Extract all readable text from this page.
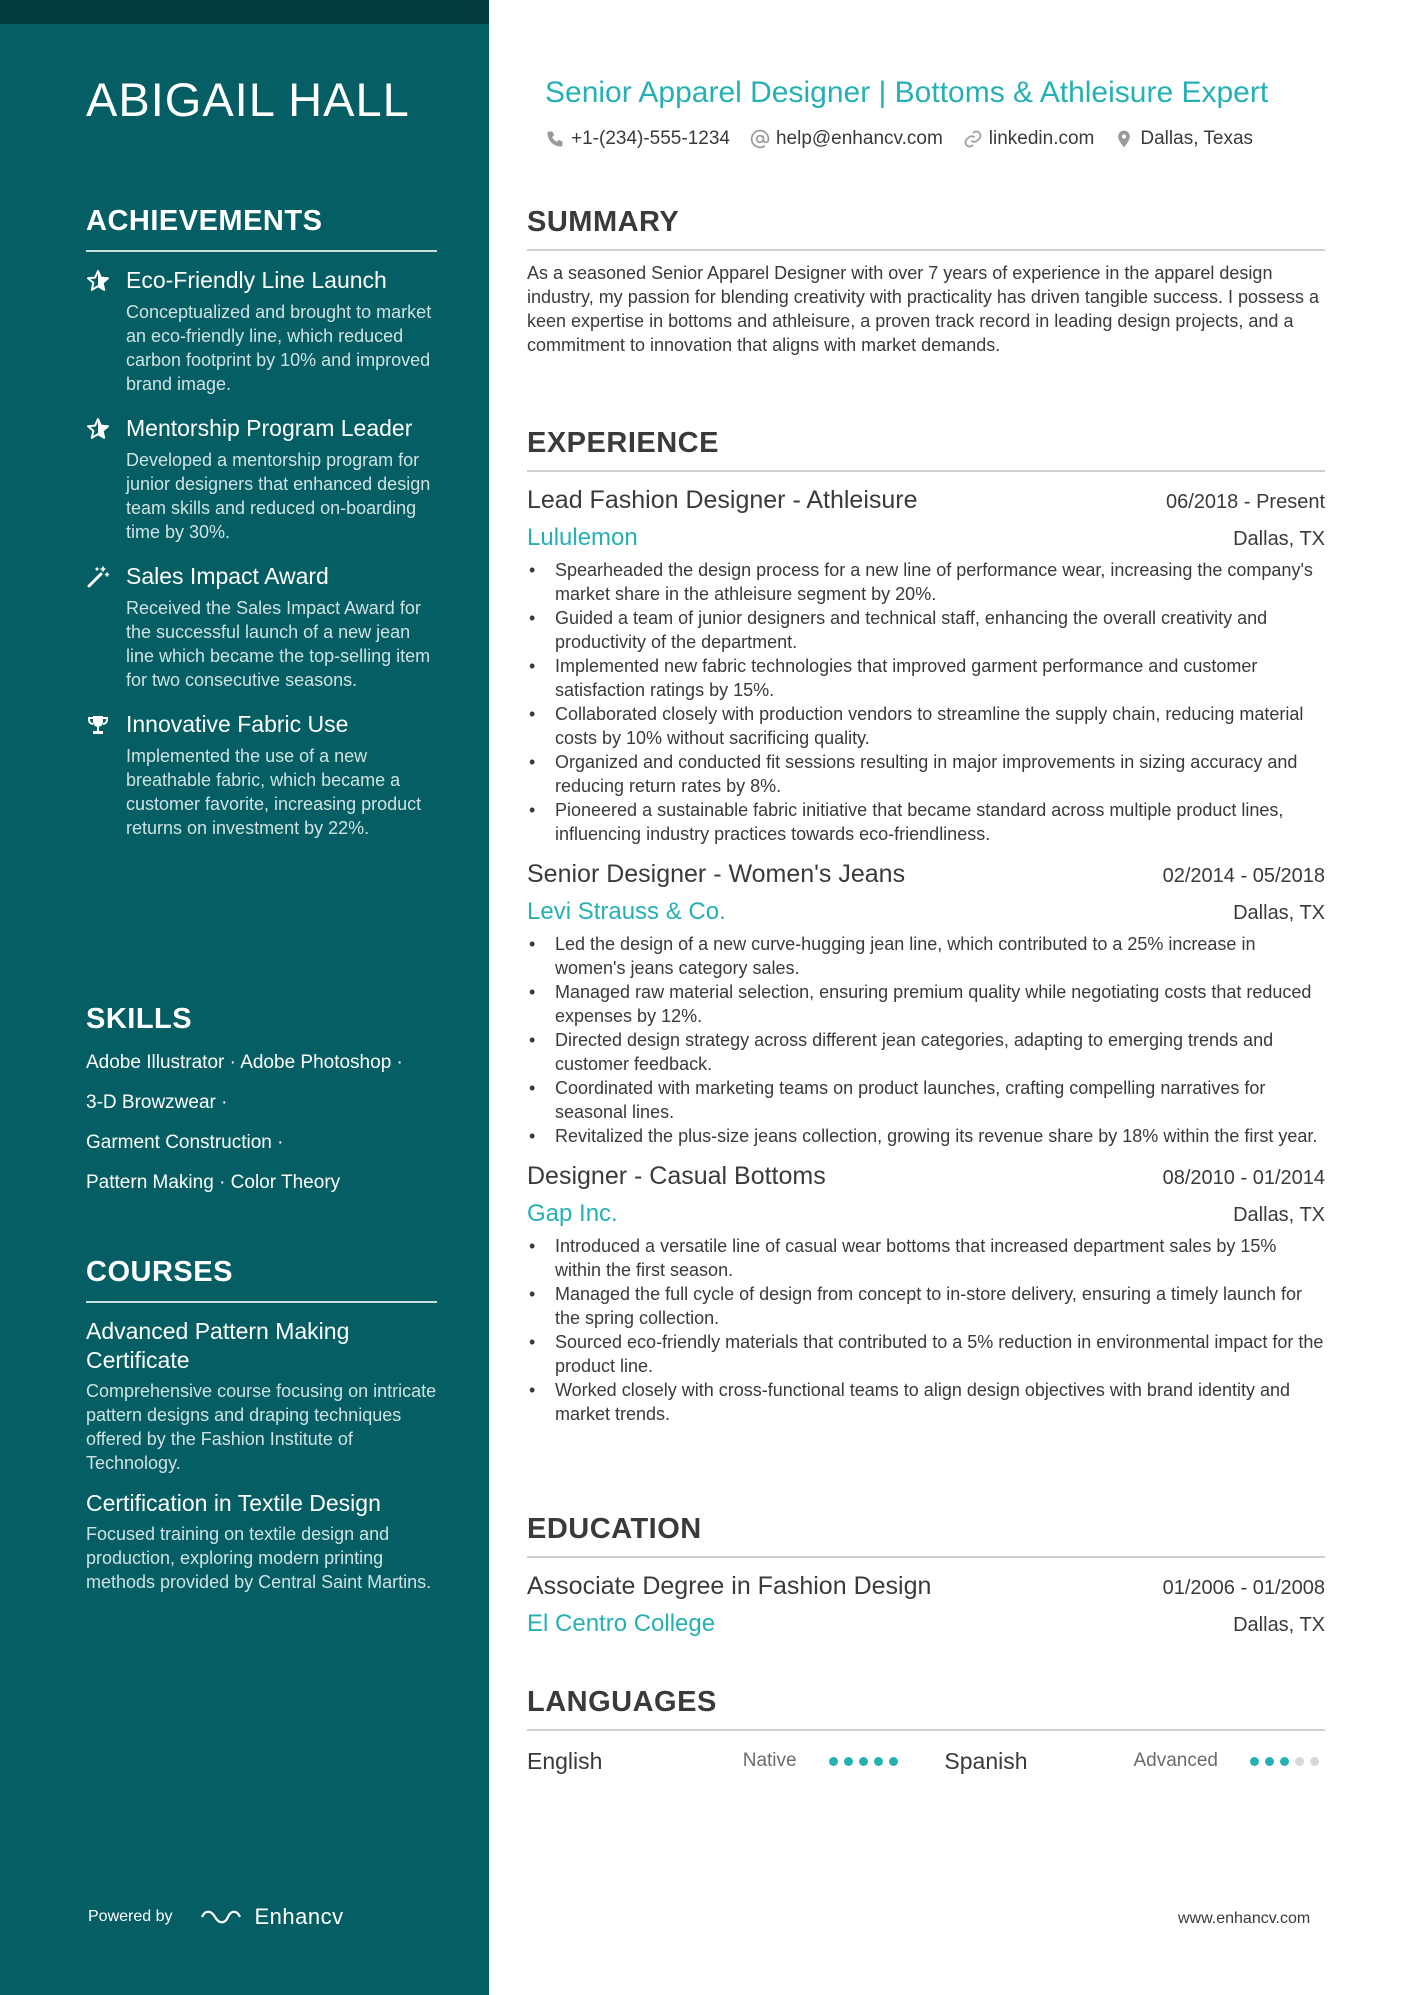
ABIGAIL HALL
ACHIEVEMENTS
Eco-Friendly Line Launch
Conceptualized and brought to market an eco-friendly line, which reduced carbon footprint by 10% and improved brand image.
Mentorship Program Leader
Developed a mentorship program for junior designers that enhanced design team skills and reduced on-boarding time by 30%.
Sales Impact Award
Received the Sales Impact Award for the successful launch of a new jean line which became the top-selling item for two consecutive seasons.
Innovative Fabric Use
Implemented the use of a new breathable fabric, which became a customer favorite, increasing product returns on investment by 22%.
SKILLS
Adobe Illustrator · Adobe Photoshop ·
3-D Browzwear ·
Garment Construction ·
Pattern Making · Color Theory
COURSES
Advanced Pattern Making Certificate
Comprehensive course focusing on intricate pattern designs and draping techniques offered by the Fashion Institute of Technology.
Certification in Textile Design
Focused training on textile design and production, exploring modern printing methods provided by Central Saint Martins.
Powered by	Enhancv
Senior Apparel Designer | Bottoms & Athleisure Expert
+1-(234)-555-1234 help@enhancv.com linkedin.com Dallas, Texas
SUMMARY

As a seasoned Senior Apparel Designer with over 7 years of experience in the apparel design industry, my passion for blending creativity with practicality has driven tangible success. I possess a keen expertise in bottoms and athleisure, a proven track record in leading design projects, and a commitment to innovation that aligns with market demands.

EXPERIENCE
Lead Fashion Designer - Athleisure	06/2018 - Present
Lululemon	Dallas, TX
• Spearheaded the design process for a new line of performance wear, increasing the company's market share in the athleisure segment by 20%.
• Guided a team of junior designers and technical staff, enhancing the overall creativity and productivity of the department.
• Implemented new fabric technologies that improved garment performance and customer satisfaction ratings by 15%.
• Collaborated closely with production vendors to streamline the supply chain, reducing material costs by 10% without sacrificing quality.
• Organized and conducted fit sessions resulting in major improvements in sizing accuracy and reducing return rates by 8%.
• Pioneered a sustainable fabric initiative that became standard across multiple product lines, influencing industry practices towards eco-friendliness.
Senior Designer - Women's Jeans	02/2014 - 05/2018
Levi Strauss & Co.	Dallas, TX
• Led the design of a new curve-hugging jean line, which contributed to a 25% increase in women's jeans category sales.
• Managed raw material selection, ensuring premium quality while negotiating costs that reduced expenses by 12%.
• Directed design strategy across different jean categories, adapting to emerging trends and customer feedback.
• Coordinated with marketing teams on product launches, crafting compelling narratives for seasonal lines.
• Revitalized the plus-size jeans collection, growing its revenue share by 18% within the first year.
Designer - Casual Bottoms	08/2010 - 01/2014
Gap Inc.	Dallas, TX
• Introduced a versatile line of casual wear bottoms that increased department sales by 15% within the first season.
• Managed the full cycle of design from concept to in-store delivery, ensuring a timely launch for the spring collection.
• Sourced eco-friendly materials that contributed to a 5% reduction in environmental impact for the product line.
• Worked closely with cross-functional teams to align design objectives with brand identity and market trends.
EDUCATION
Associate Degree in Fashion Design	01/2006 - 01/2008
El Centro College	Dallas, TX
LANGUAGES
English	Native	Spanish	Advanced
www.enhancv.com
